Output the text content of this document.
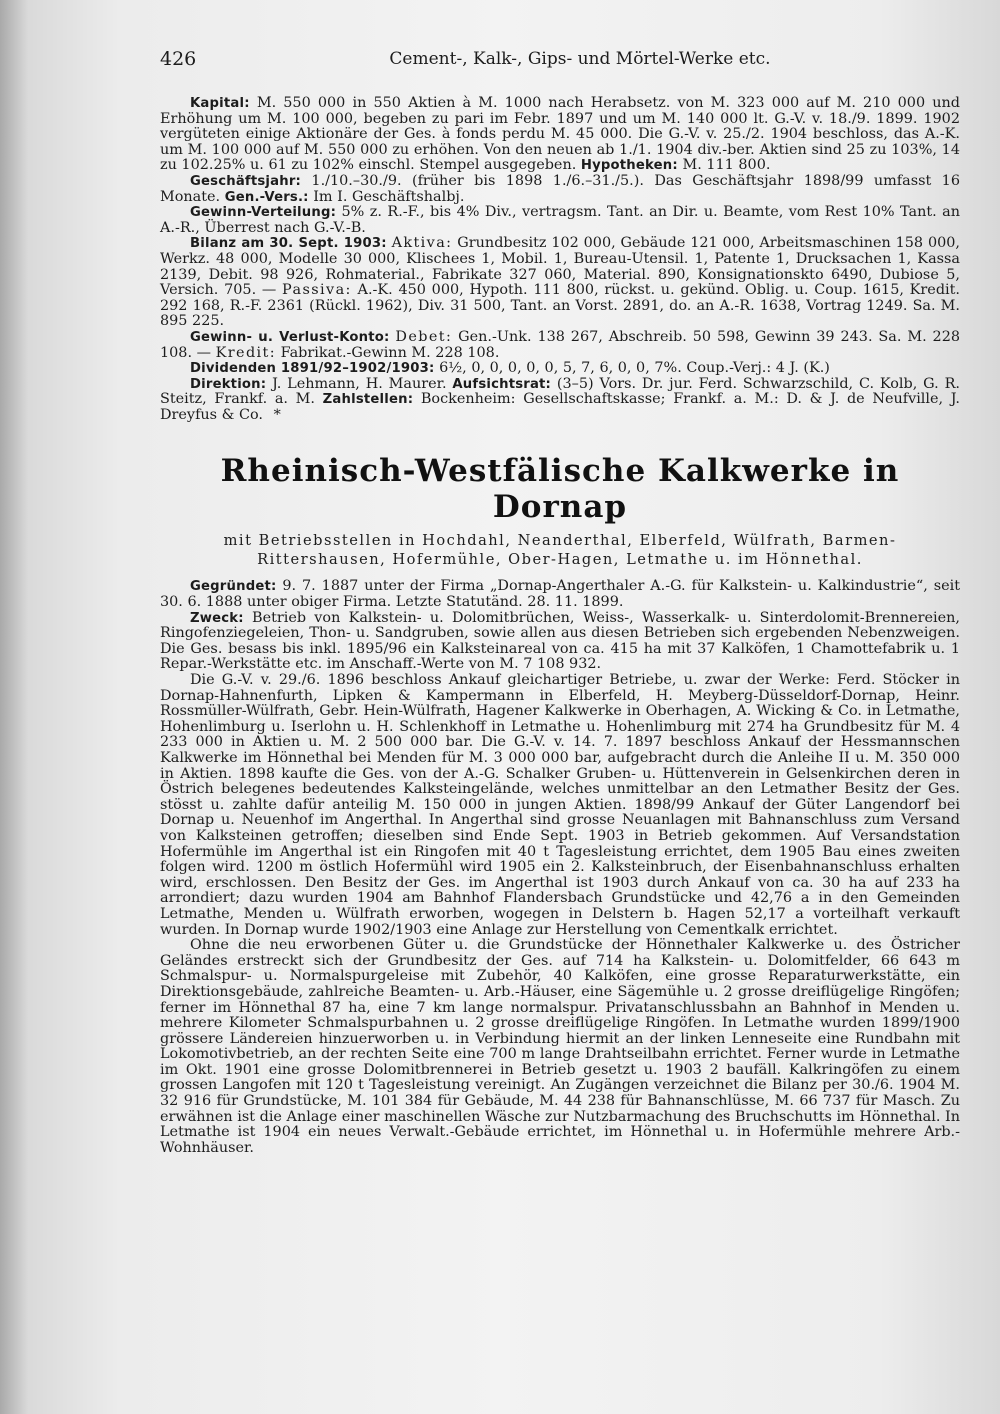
426	Cement-, Kalk-, Gips- und Mörtel-Werke etc.

Kapital: M. 550 000 in 550 Aktien à M. 1000 nach Herabsetz. von M. 323 000 auf M. 210 000 und Erhöhung um M. 100 000, begeben zu pari im Febr. 1897 und um M. 140 000 lt. G.-V. v. 18./9. 1899. 1902 vergüteten einige Aktionäre der Ges. à fonds perdu M. 45 000. Die G.-V. v. 25./2. 1904 beschloss, das A.-K. um M. 100 000 auf M. 550 000 zu erhöhen. Von den neuen ab 1./1. 1904 div.-ber. Aktien sind 25 zu 103%, 14 zu 102.25% u. 61 zu 102% einschl. Stempel ausgegeben. Hypotheken: M. 111 800.

Geschäftsjahr: 1./10.–30./9. (früher bis 1898 1./6.–31./5.). Das Geschäftsjahr 1898/99 umfasst 16 Monate. Gen.-Vers.: Im I. Geschäftshalbj.

Gewinn-Verteilung: 5% z. R.-F., bis 4% Div., vertragsm. Tant. an Dir. u. Beamte, vom Rest 10% Tant. an A.-R., Überrest nach G.-V.-B.

Bilanz am 30. Sept. 1903: Aktiva: Grundbesitz 102 000, Gebäude 121 000, Arbeitsmaschinen 158 000, Werkz. 48 000, Modelle 30 000, Klischees 1, Mobil. 1, Bureau-Utensil. 1, Patente 1, Drucksachen 1, Kassa 2139, Debit. 98 926, Rohmaterial., Fabrikate 327 060, Material. 890, Konsignationskto 6490, Dubiose 5, Versich. 705. — Passiva: A.-K. 450 000, Hypoth. 111 800, rückst. u. gekünd. Oblig. u. Coup. 1615, Kredit. 292 168, R.-F. 2361 (Rückl. 1962), Div. 31 500, Tant. an Vorst. 2891, do. an A.-R. 1638, Vortrag 1249. Sa. M. 895 225.

Gewinn- u. Verlust-Konto: Debet: Gen.-Unk. 138 267, Abschreib. 50 598, Gewinn 39 243. Sa. M. 228 108. — Kredit: Fabrikat.-Gewinn M. 228 108.

Dividenden 1891/92–1902/1903: 6½, 0, 0, 0, 0, 0, 5, 7, 6, 0, 0, 7%. Coup.-Verj.: 4 J. (K.)

Direktion: J. Lehmann, H. Maurer. Aufsichtsrat: (3–5) Vors. Dr. jur. Ferd. Schwarzschild, C. Kolb, G. R. Steitz, Frankf. a. M. Zahlstellen: Bockenheim: Gesellschaftskasse; Frankf. a. M.: D. & J. de Neufville, J. Dreyfus & Co. *

Rheinisch-Westfälische Kalkwerke in Dornap
mit Betriebsstellen in Hochdahl, Neanderthal, Elberfeld, Wülfrath, Barmen-Rittershausen, Hofermühle, Ober-Hagen, Letmathe u. im Hönnethal.

Gegründet: 9. 7. 1887 unter der Firma „Dornap-Angerthaler A.-G. für Kalkstein- u. Kalkindustrie“, seit 30. 6. 1888 unter obiger Firma. Letzte Statutänd. 28. 11. 1899.

Zweck: Betrieb von Kalkstein- u. Dolomitbrüchen, Weiss-, Wasserkalk- u. Sinterdolomit-Brennereien, Ringofenziegeleien, Thon- u. Sandgruben, sowie allen aus diesen Betrieben sich ergebenden Nebenzweigen. Die Ges. besass bis inkl. 1895/96 ein Kalksteinareal von ca. 415 ha mit 37 Kalköfen, 1 Chamottefabrik u. 1 Repar.-Werkstätte etc. im Anschaff.-Werte von M. 7 108 932.

Die G.-V. v. 29./6. 1896 beschloss Ankauf gleichartiger Betriebe, u. zwar der Werke: Ferd. Stöcker in Dornap-Hahnenfurth, Lipken & Kampermann in Elberfeld, H. Meyberg-Düsseldorf-Dornap, Heinr. Rossmüller-Wülfrath, Gebr. Hein-Wülfrath, Hagener Kalkwerke in Oberhagen, A. Wicking & Co. in Letmathe, Hohenlimburg u. Iserlohn u. H. Schlenkhoff in Letmathe u. Hohenlimburg mit 274 ha Grundbesitz für M. 4 233 000 in Aktien u. M. 2 500 000 bar. Die G.-V. v. 14. 7. 1897 beschloss Ankauf der Hessmannschen Kalkwerke im Hönnethal bei Menden für M. 3 000 000 bar, aufgebracht durch die Anleihe II u. M. 350 000 in Aktien. 1898 kaufte die Ges. von der A.-G. Schalker Gruben- u. Hüttenverein in Gelsenkirchen deren in Östrich belegenes bedeutendes Kalksteingelände, welches unmittelbar an den Letmather Besitz der Ges. stösst u. zahlte dafür anteilig M. 150 000 in jungen Aktien. 1898/99 Ankauf der Güter Langendorf bei Dornap u. Neuenhof im Angerthal. In Angerthal sind grosse Neuanlagen mit Bahnanschluss zum Versand von Kalksteinen getroffen; dieselben sind Ende Sept. 1903 in Betrieb gekommen. Auf Versandstation Hofermühle im Angerthal ist ein Ringofen mit 40 t Tagesleistung errichtet, dem 1905 Bau eines zweiten folgen wird. 1200 m östlich Hofermühl wird 1905 ein 2. Kalksteinbruch, der Eisenbahnanschluss erhalten wird, erschlossen. Den Besitz der Ges. im Angerthal ist 1903 durch Ankauf von ca. 30 ha auf 233 ha arrondiert; dazu wurden 1904 am Bahnhof Flandersbach Grundstücke und 42,76 a in den Gemeinden Letmathe, Menden u. Wülfrath erworben, wogegen in Delstern b. Hagen 52,17 a vorteilhaft verkauft wurden. In Dornap wurde 1902/1903 eine Anlage zur Herstellung von Cementkalk errichtet.

Ohne die neu erworbenen Güter u. die Grundstücke der Hönnethaler Kalkwerke u. des Östricher Geländes erstreckt sich der Grundbesitz der Ges. auf 714 ha Kalkstein- u. Dolomitfelder, 66 643 m Schmalspur- u. Normalspurgeleise mit Zubehör, 40 Kalköfen, eine grosse Reparaturwerkstätte, ein Direktionsgebäude, zahlreiche Beamten- u. Arb.-Häuser, eine Sägemühle u. 2 grosse dreiflügelige Ringöfen; ferner im Hönnethal 87 ha, eine 7 km lange normalspur. Privatanschlussbahn an Bahnhof in Menden u. mehrere Kilometer Schmalspurbahnen u. 2 grosse dreiflügelige Ringöfen. In Letmathe wurden 1899/1900 grössere Ländereien hinzuerworben u. in Verbindung hiermit an der linken Lenneseite eine Rundbahn mit Lokomotivbetrieb, an der rechten Seite eine 700 m lange Drahtseilbahn errichtet. Ferner wurde in Letmathe im Okt. 1901 eine grosse Dolomitbrennerei in Betrieb gesetzt u. 1903 2 baufäll. Kalkringöfen zu einem grossen Langofen mit 120 t Tagesleistung vereinigt. An Zugängen verzeichnet die Bilanz per 30./6. 1904 M. 32 916 für Grundstücke, M. 101 384 für Gebäude, M. 44 238 für Bahnanschlüsse, M. 66 737 für Masch. Zu erwähnen ist die Anlage einer maschinellen Wäsche zur Nutzbarmachung des Bruchschutts im Hönnethal. In Letmathe ist 1904 ein neues Verwalt.-Gebäude errichtet, im Hönnethal u. in Hofermühle mehrere Arb.-Wohnhäuser.
